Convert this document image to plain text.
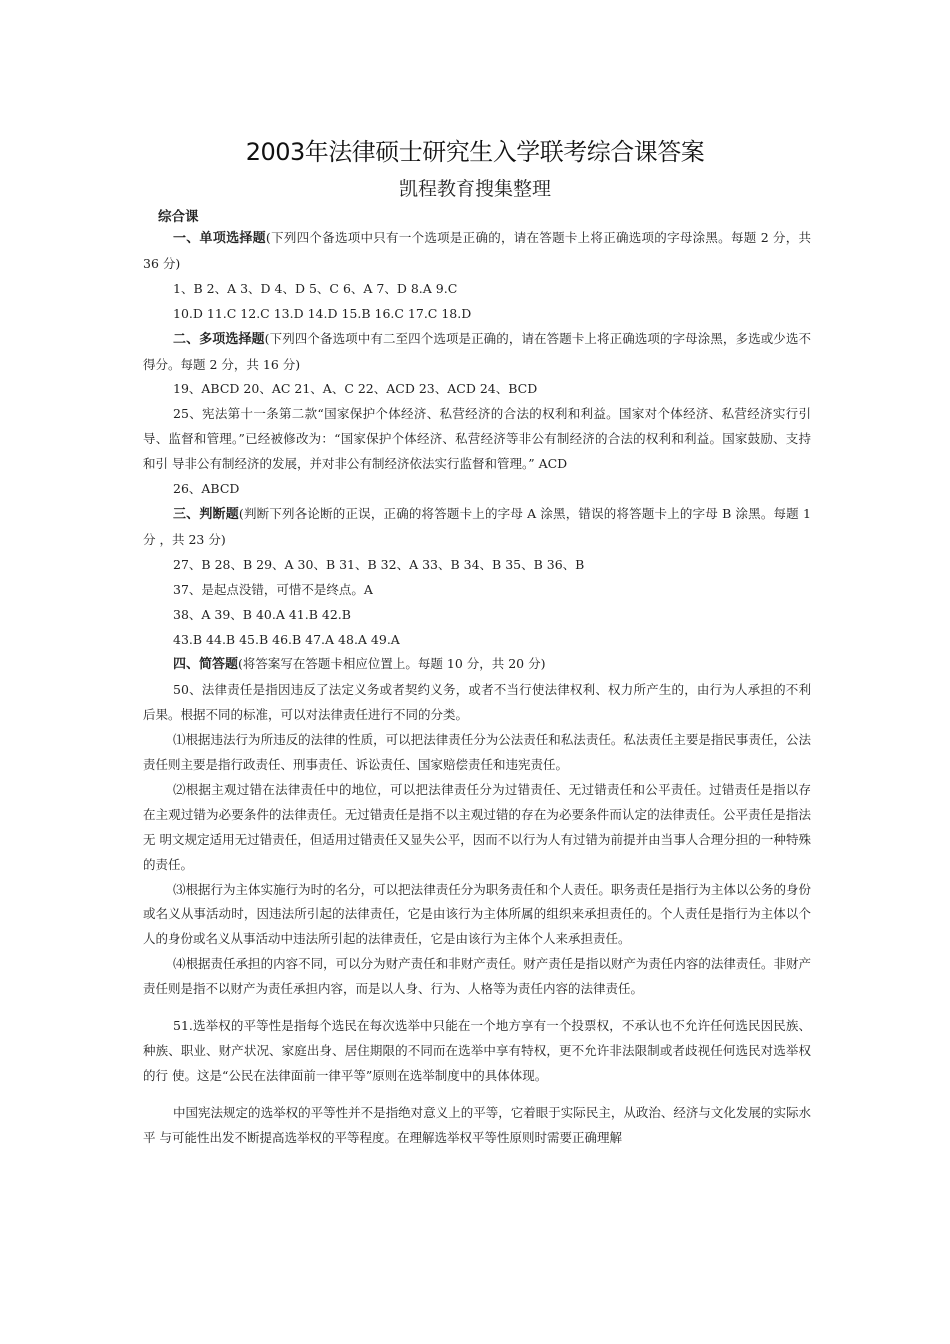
2003年法律硕士研究生入学联考综合课答案
凯程教育搜集整理
综合课

一、单项选择题(下列四个备选项中只有一个选项是正确的，请在答题卡上将正确选项的字母涂黑。每题 2 分，共 36 分)

1、B 2、A 3、D 4、D 5、C 6、A 7、D 8.A 9.C

10.D 11.C 12.C 13.D 14.D 15.B 16.C 17.C 18.D

二、多项选择题(下列四个备选项中有二至四个选项是正确的，请在答题卡上将正确选项的字母涂黑，多选或少选不得分。每题 2 分，共 16 分)

19、ABCD 20、AC 21、A、C 22、ACD 23、ACD 24、BCD

25、宪法第十一条第二款“国家保护个体经济、私营经济的合法的权利和利益。国家对个体经济、私营经济实行引导、监督和管理。”已经被修改为：“国家保护个体经济、私营经济等非公有制经济的合法的权利和利益。国家鼓励、支持和引 导非公有制经济的发展，并对非公有制经济依法实行监督和管理。” ACD

26、ABCD

三、判断题(判断下列各论断的正误，正确的将答题卡上的字母 A 涂黑，错误的将答题卡上的字母 B 涂黑。每题 1 分 ，共 23 分)

27、B 28、B 29、A 30、B 31、B 32、A 33、B 34、B 35、B 36、B

37、是起点没错，可惜不是终点。A

38、A 39、B 40.A 41.B 42.B

43.B 44.B 45.B 46.B 47.A 48.A 49.A

四、简答题(将答案写在答题卡相应位置上。每题 10 分，共 20 分)

50、法律责任是指因违反了法定义务或者契约义务，或者不当行使法律权利、权力所产生的，由行为人承担的不利后果。根据不同的标准，可以对法律责任进行不同的分类。

⑴根据违法行为所违反的法律的性质，可以把法律责任分为公法责任和私法责任。私法责任主要是指民事责任，公法责任则主要是指行政责任、刑事责任、诉讼责任、国家赔偿责任和违宪责任。

⑵根据主观过错在法律责任中的地位，可以把法律责任分为过错责任、无过错责任和公平责任。过错责任是指以存 在主观过错为必要条件的法律责任。无过错责任是指不以主观过错的存在为必要条件而认定的法律责任。公平责任是指法无 明文规定适用无过错责任，但适用过错责任又显失公平，因而不以行为人有过错为前提并由当事人合理分担的一种特殊的责任。

⑶根据行为主体实施行为时的名分，可以把法律责任分为职务责任和个人责任。职务责任是指行为主体以公务的身份或名义从事活动时，因违法所引起的法律责任，它是由该行为主体所属的组织来承担责任的。个人责任是指行为主体以个 人的身份或名义从事活动中违法所引起的法律责任，它是由该行为主体个人来承担责任。

⑷根据责任承担的内容不同，可以分为财产责任和非财产责任。财产责任是指以财产为责任内容的法律责任。非财产责任则是指不以财产为责任承担内容，而是以人身、行为、人格等为责任内容的法律责任。

51.选举权的平等性是指每个选民在每次选举中只能在一个地方享有一个投票权，不承认也不允许任何选民因民族、种族、职业、财产状况、家庭出身、居住期限的不同而在选举中享有特权，更不允许非法限制或者歧视任何选民对选举权的行 使。这是“公民在法律面前一律平等”原则在选举制度中的具体体现。

中国宪法规定的选举权的平等性并不是指绝对意义上的平等，它着眼于实际民主，从政治、经济与文化发展的实际水平 与可能性出发不断提高选举权的平等程度。在理解选举权平等性原则时需要正确理解
